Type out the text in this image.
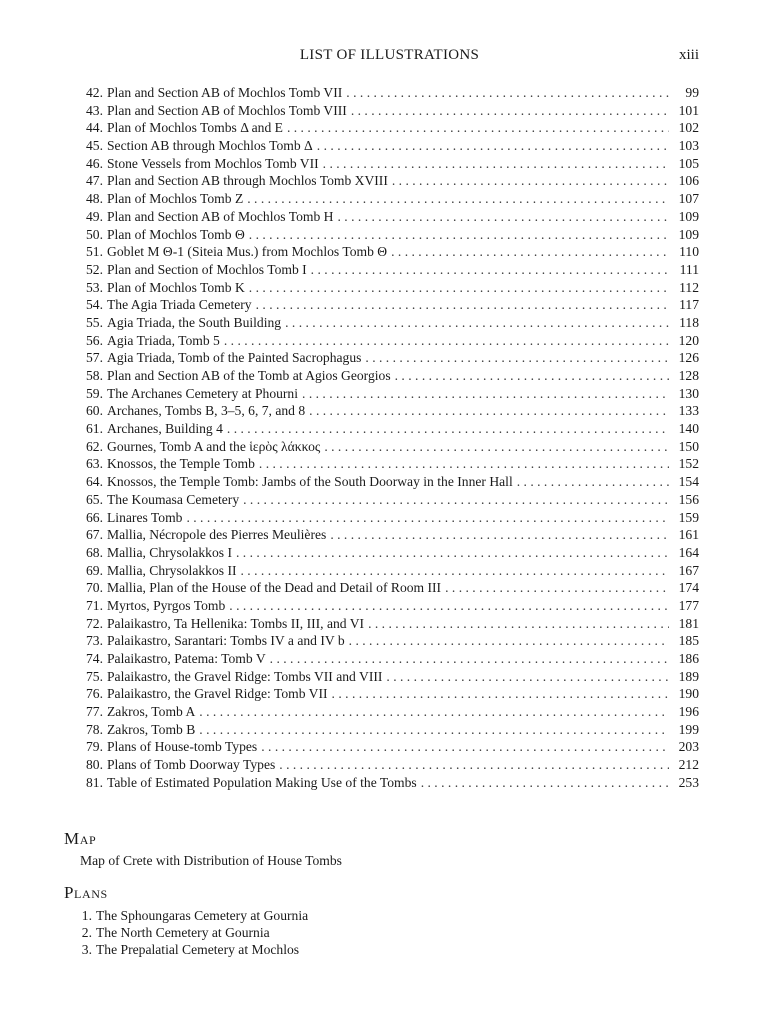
LIST OF ILLUSTRATIONS	xiii
42. Plan and Section AB of Mochlos Tomb VII . . .	99
43. Plan and Section AB of Mochlos Tomb VIII . . .	101
44. Plan of Mochlos Tombs Δ and E . . .	102
45. Section AB through Mochlos Tomb Δ . . .	103
46. Stone Vessels from Mochlos Tomb VII . . .	105
47. Plan and Section AB through Mochlos Tomb XVIII . . .	106
48. Plan of Mochlos Tomb Z . . .	107
49. Plan and Section AB of Mochlos Tomb H . . .	109
50. Plan of Mochlos Tomb Θ . . .	109
51. Goblet M Θ-1 (Siteia Mus.) from Mochlos Tomb Θ . . .	110
52. Plan and Section of Mochlos Tomb I . . .	111
53. Plan of Mochlos Tomb K . . .	112
54. The Agia Triada Cemetery . . .	117
55. Agia Triada, the South Building . . .	118
56. Agia Triada, Tomb 5 . . .	120
57. Agia Triada, Tomb of the Painted Sacrophagus . . .	126
58. Plan and Section AB of the Tomb at Agios Georgios . . .	128
59. The Archanes Cemetery at Phourni . . .	130
60. Archanes, Tombs B, 3–5, 6, 7, and 8 . . .	133
61. Archanes, Building 4 . . .	140
62. Gournes, Tomb A and the ἱερὸς λάκκος . . .	150
63. Knossos, the Temple Tomb . . .	152
64. Knossos, the Temple Tomb: Jambs of the South Doorway in the Inner Hall . . .	154
65. The Koumasa Cemetery . . .	156
66. Linares Tomb . . .	159
67. Mallia, Nécropole des Pierres Meulières . . .	161
68. Mallia, Chrysolakkos I . . .	164
69. Mallia, Chrysolakkos II . . .	167
70. Mallia, Plan of the House of the Dead and Detail of Room III . . .	174
71. Myrtos, Pyrgos Tomb . . .	177
72. Palaikastro, Ta Hellenika: Tombs II, III, and VI . . .	181
73. Palaikastro, Sarantari: Tombs IV a and IV b . . .	185
74. Palaikastro, Patema: Tomb V . . .	186
75. Palaikastro, the Gravel Ridge: Tombs VII and VIII . . .	189
76. Palaikastro, the Gravel Ridge: Tomb VII . . .	190
77. Zakros, Tomb A . . .	196
78. Zakros, Tomb B . . .	199
79. Plans of House-tomb Types . . .	203
80. Plans of Tomb Doorway Types . . .	212
81. Table of Estimated Population Making Use of the Tombs . . .	253
Map
Map of Crete with Distribution of House Tombs
Plans
1. The Sphoungaras Cemetery at Gournia
2. The North Cemetery at Gournia
3. The Prepalatial Cemetery at Mochlos
